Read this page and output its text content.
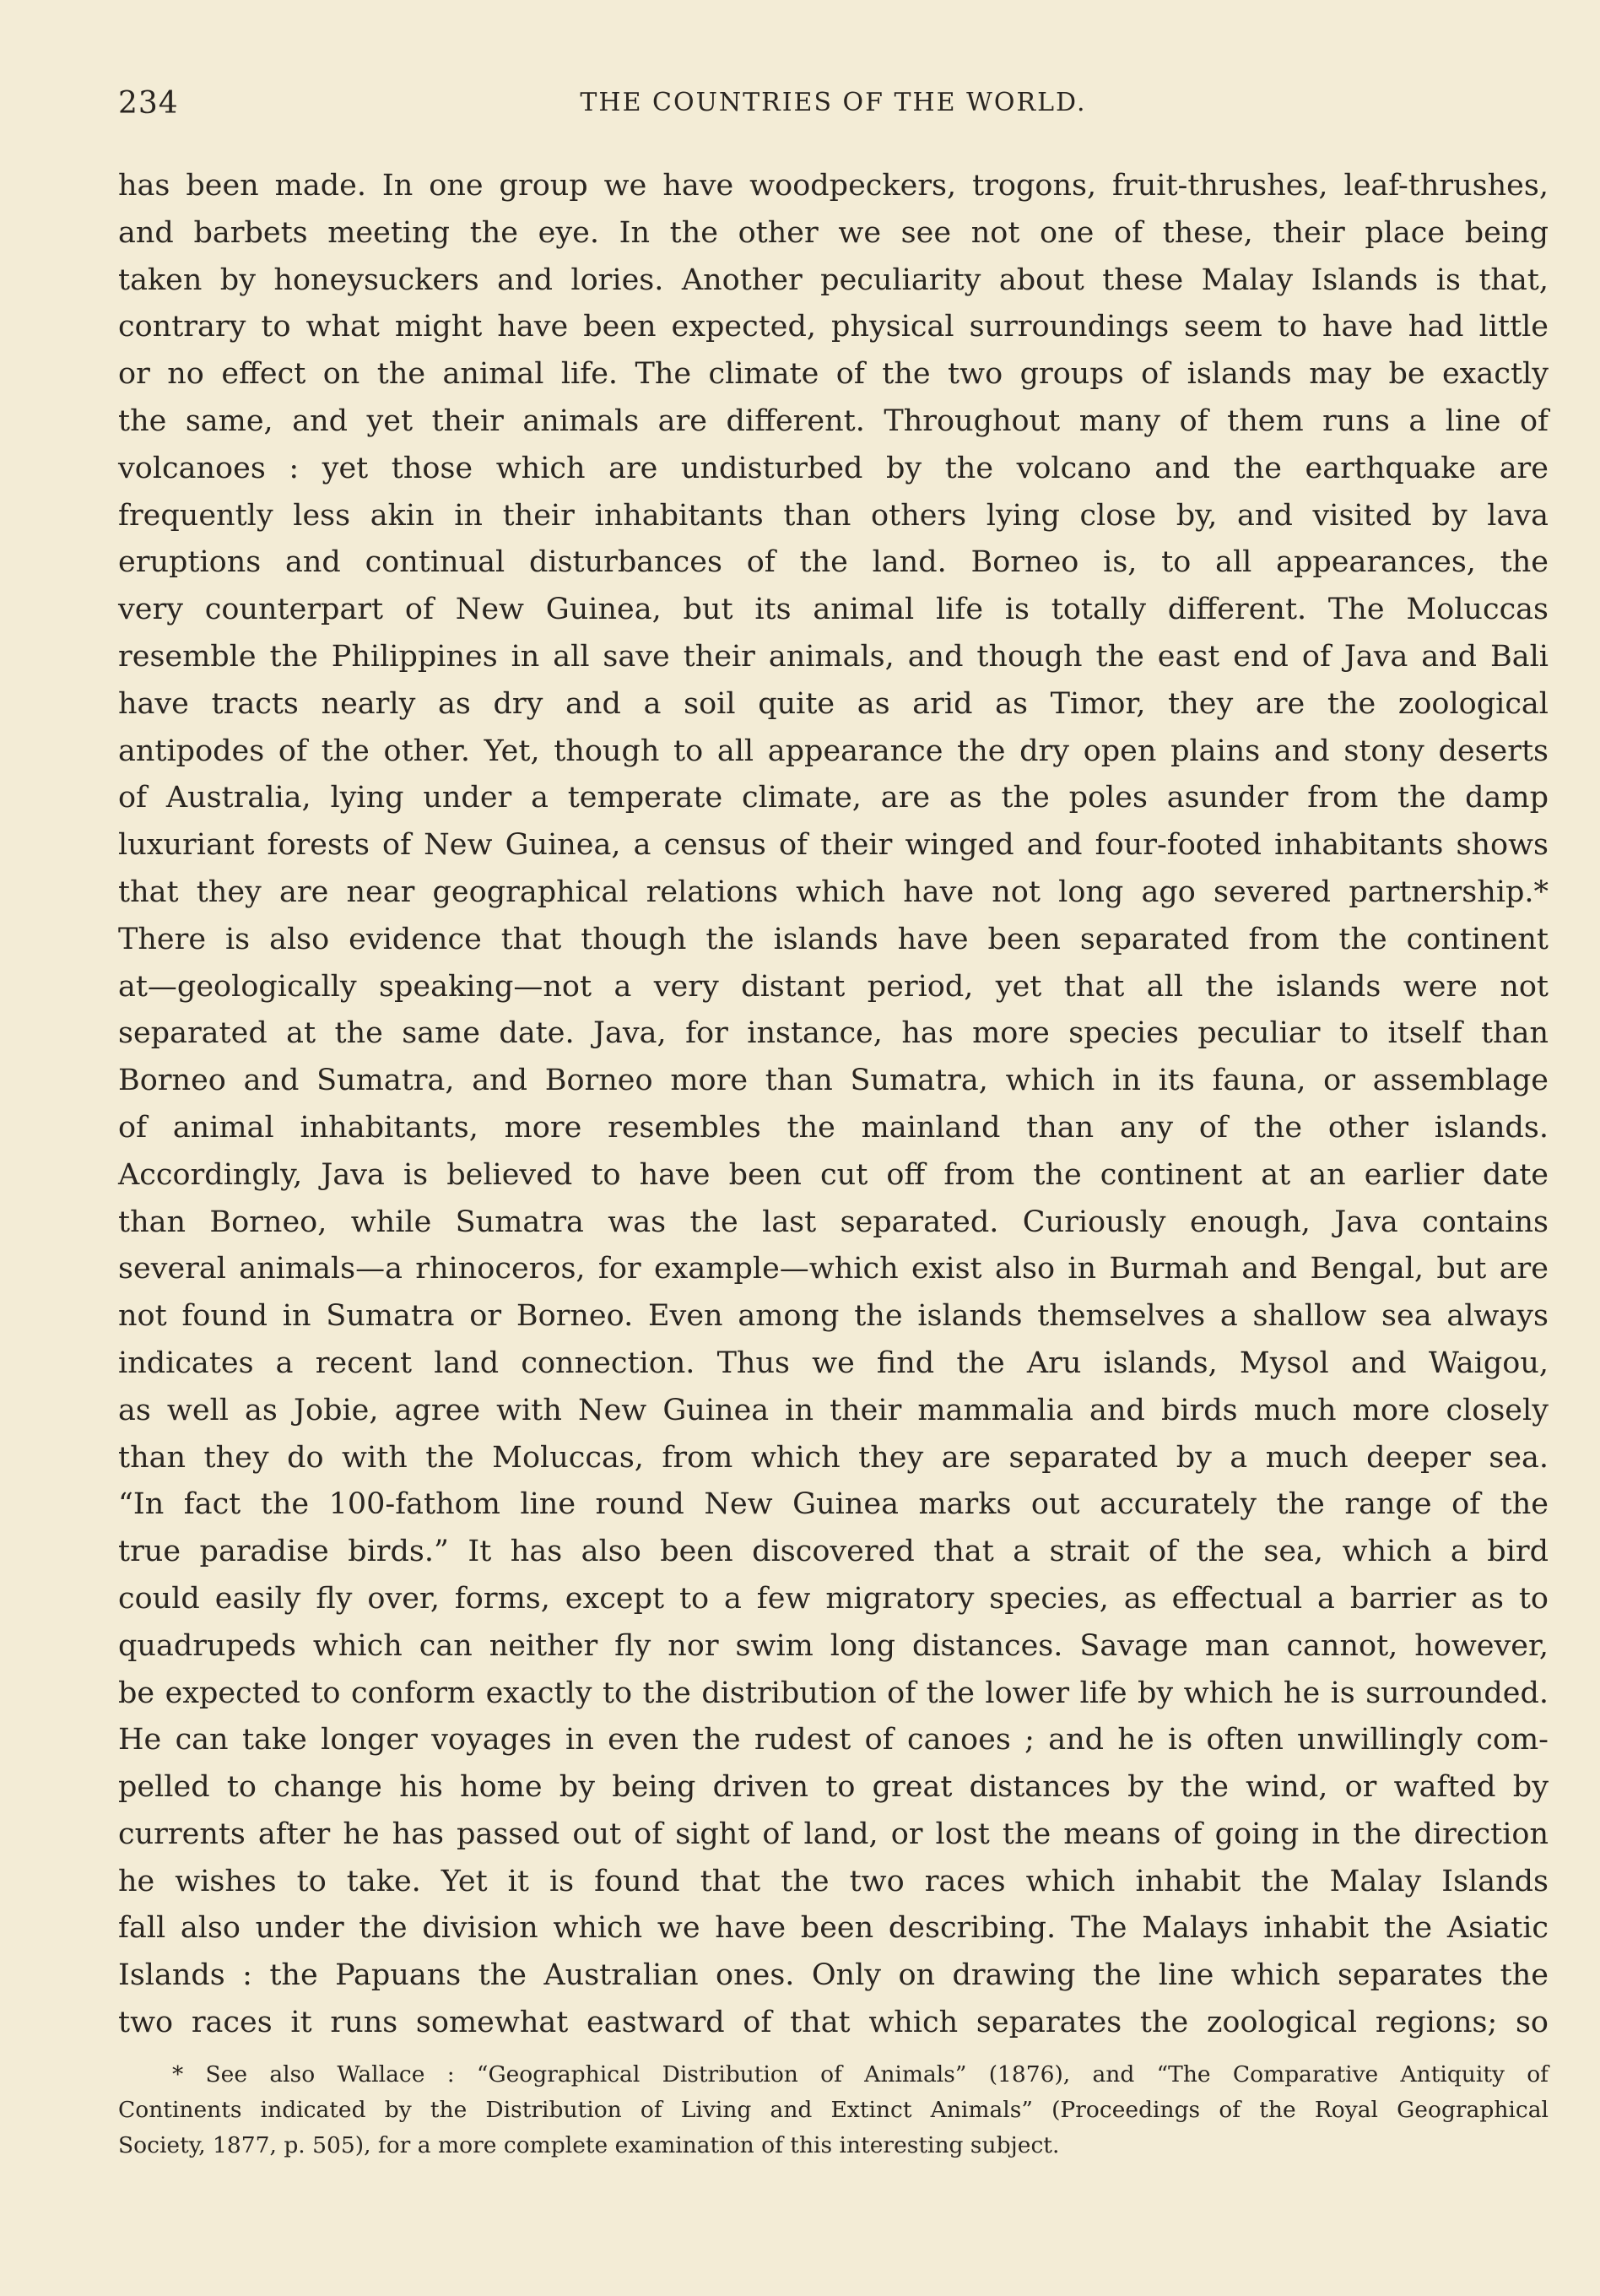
234	THE COUNTRIES OF THE WORLD.
has been made. In one group we have woodpeckers, trogons, fruit-thrushes, leaf-thrushes,
and barbets meeting the eye. In the other we see not one of these, their place being
taken by honeysuckers and lories. Another peculiarity about these Malay Islands is that,
contrary to what might have been expected, physical surroundings seem to have had little
or no effect on the animal life. The climate of the two groups of islands may be exactly
the same, and yet their animals are different. Throughout many of them runs a line of
volcanoes : yet those which are undisturbed by the volcano and the earthquake are
frequently less akin in their inhabitants than others lying close by, and visited by lava
eruptions and continual disturbances of the land. Borneo is, to all appearances, the
very counterpart of New Guinea, but its animal life is totally different. The Moluccas
resemble the Philippines in all save their animals, and though the east end of Java and Bali
have tracts nearly as dry and a soil quite as arid as Timor, they are the zoological
antipodes of the other. Yet, though to all appearance the dry open plains and stony deserts
of Australia, lying under a temperate climate, are as the poles asunder from the damp
luxuriant forests of New Guinea, a census of their winged and four-footed inhabitants shows
that they are near geographical relations which have not long ago severed partnership.*
There is also evidence that though the islands have been separated from the continent
at—geologically speaking—not a very distant period, yet that all the islands were not
separated at the same date. Java, for instance, has more species peculiar to itself than
Borneo and Sumatra, and Borneo more than Sumatra, which in its fauna, or assemblage
of animal inhabitants, more resembles the mainland than any of the other islands.
Accordingly, Java is believed to have been cut off from the continent at an earlier date
than Borneo, while Sumatra was the last separated. Curiously enough, Java contains
several animals—a rhinoceros, for example—which exist also in Burmah and Bengal, but are
not found in Sumatra or Borneo. Even among the islands themselves a shallow sea always
indicates a recent land connection. Thus we find the Aru islands, Mysol and Waigou,
as well as Jobie, agree with New Guinea in their mammalia and birds much more closely
than they do with the Moluccas, from which they are separated by a much deeper sea.
“In fact the 100-fathom line round New Guinea marks out accurately the range of the
true paradise birds.” It has also been discovered that a strait of the sea, which a bird
could easily fly over, forms, except to a few migratory species, as effectual a barrier as to
quadrupeds which can neither fly nor swim long distances. Savage man cannot, however,
be expected to conform exactly to the distribution of the lower life by which he is surrounded.
He can take longer voyages in even the rudest of canoes ; and he is often unwillingly com-
pelled to change his home by being driven to great distances by the wind, or wafted by
currents after he has passed out of sight of land, or lost the means of going in the direction
he wishes to take. Yet it is found that the two races which inhabit the Malay Islands
fall also under the division which we have been describing. The Malays inhabit the Asiatic
Islands : the Papuans the Australian ones. Only on drawing the line which separates the
two races it runs somewhat eastward of that which separates the zoological regions; so
* See also Wallace : “Geographical Distribution of Animals” (1876), and “The Comparative Antiquity of
Continents indicated by the Distribution of Living and Extinct Animals” (Proceedings of the Royal Geographical
Society, 1877, p. 505), for a more complete examination of this interesting subject.
